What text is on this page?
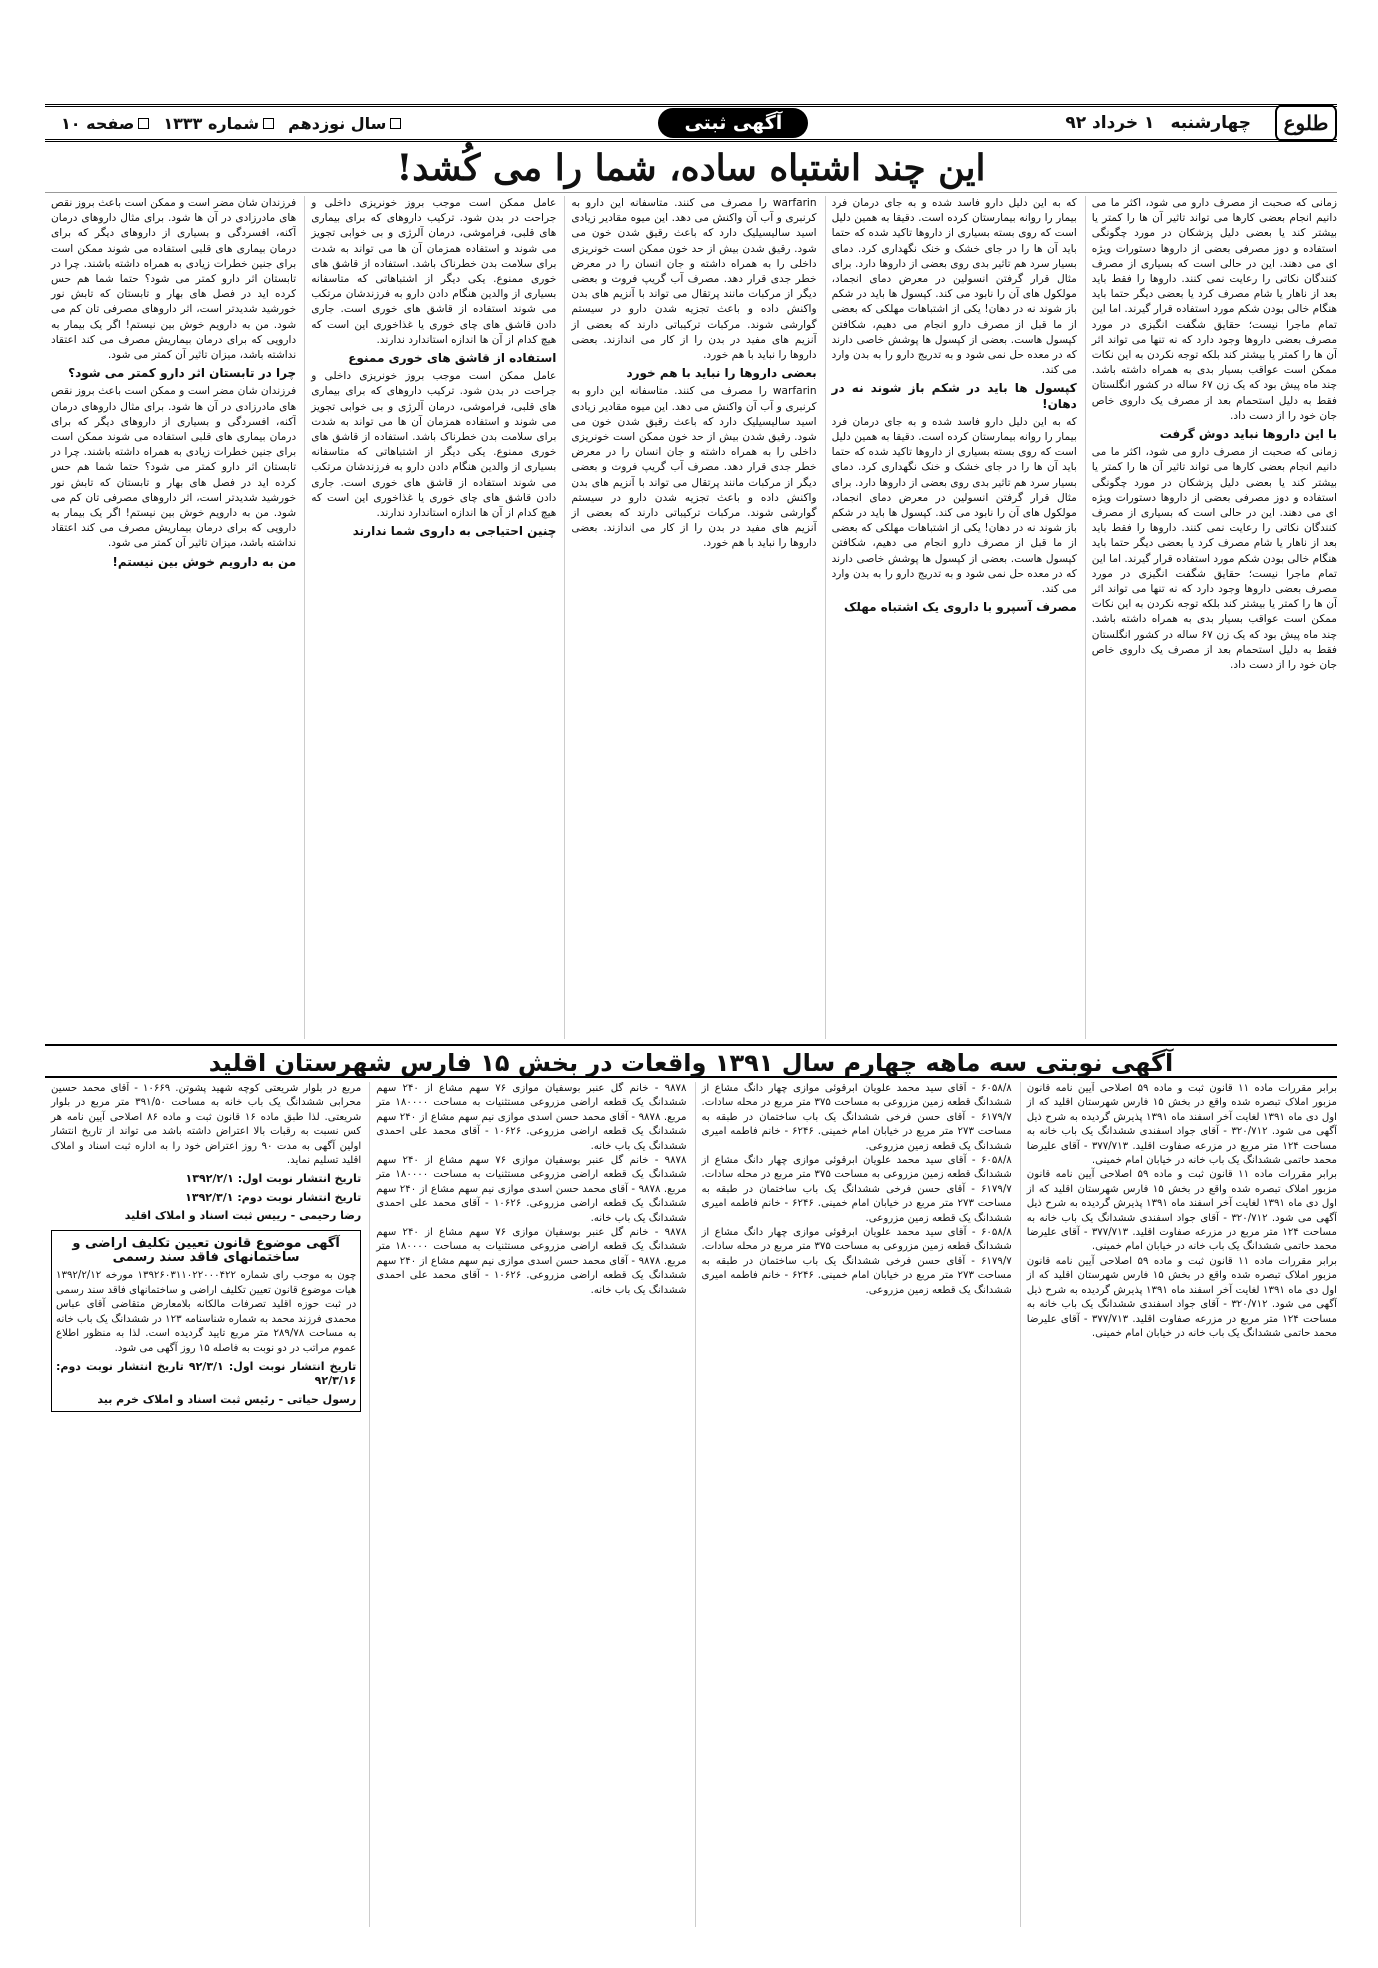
طلوع
چهارشنبه
۱ خرداد ۹۲
آگهی ثبتی
سال نوزدهم
شماره ۱۳۳۳
صفحه ۱۰
این چند اشتباه ساده، شما را می کُشد!
زمانی که صحبت از مصرف دارو می شود، اکثر ما می دانیم انجام بعضی کارها می تواند تاثیر آن ها را کمتر یا بیشتر کند یا بعضی دلیل پزشکان در مورد چگونگی استفاده و دوز مصرفی بعضی از داروها دستورات ویژه ای می دهند. این در حالی است که بسیاری از مصرف کنندگان نکاتی را رعایت نمی کنند. داروها را فقط باید بعد از ناهار یا شام مصرف کرد یا بعضی دیگر حتما باید هنگام خالی بودن شکم مورد استفاده قرار گیرند. اما این تمام ماجرا نیست؛ حقایق شگفت انگیزی در مورد مصرف بعضی داروها وجود دارد که نه تنها می تواند اثر آن ها را کمتر یا بیشتر کند بلکه توجه نکردن به این نکات ممکن است عواقب بسیار بدی به همراه داشته باشد. چند ماه پیش بود که یک زن ۶۷ ساله در کشور انگلستان فقط به دلیل استحمام بعد از مصرف یک داروی خاص جان خود را از دست داد.
با این داروها نباید دوش گرفت
زمانی که صحبت از مصرف دارو می شود، اکثر ما می دانیم انجام بعضی کارها می تواند تاثیر آن ها را کمتر یا بیشتر کند یا بعضی دلیل پزشکان در مورد چگونگی استفاده و دوز مصرفی بعضی از داروها دستورات ویژه ای می دهند. این در حالی است که بسیاری از مصرف کنندگان نکاتی را رعایت نمی کنند. داروها را فقط باید بعد از ناهار یا شام مصرف کرد یا بعضی دیگر حتما باید هنگام خالی بودن شکم مورد استفاده قرار گیرند. اما این تمام ماجرا نیست؛ حقایق شگفت انگیزی در مورد مصرف بعضی داروها وجود دارد که نه تنها می تواند اثر آن ها را کمتر یا بیشتر کند بلکه توجه نکردن به این نکات ممکن است عواقب بسیار بدی به همراه داشته باشد. چند ماه پیش بود که یک زن ۶۷ ساله در کشور انگلستان فقط به دلیل استحمام بعد از مصرف یک داروی خاص جان خود را از دست داد.
که به این دلیل دارو فاسد شده و به جای درمان فرد بیمار را روانه بیمارستان کرده است. دقیقا به همین دلیل است که روی بسته بسیاری از داروها تاکید شده که حتما باید آن ها را در جای خشک و خنک نگهداری کرد. دمای بسیار سرد هم تاثیر بدی روی بعضی از داروها دارد. برای مثال قرار گرفتن انسولین در معرض دمای انجماد، مولکول های آن را نابود می کند. کپسول ها باید در شکم باز شوند نه در دهان! یکی از اشتباهات مهلکی که بعضی از ما قبل از مصرف دارو انجام می دهیم، شکافتن کپسول هاست. بعضی از کپسول ها پوشش خاصی دارند که در معده حل نمی شود و به تدریج دارو را به بدن وارد می کند.
کپسول ها باید در شکم باز شوند نه در دهان!
که به این دلیل دارو فاسد شده و به جای درمان فرد بیمار را روانه بیمارستان کرده است. دقیقا به همین دلیل است که روی بسته بسیاری از داروها تاکید شده که حتما باید آن ها را در جای خشک و خنک نگهداری کرد. دمای بسیار سرد هم تاثیر بدی روی بعضی از داروها دارد. برای مثال قرار گرفتن انسولین در معرض دمای انجماد، مولکول های آن را نابود می کند. کپسول ها باید در شکم باز شوند نه در دهان! یکی از اشتباهات مهلکی که بعضی از ما قبل از مصرف دارو انجام می دهیم، شکافتن کپسول هاست. بعضی از کپسول ها پوشش خاصی دارند که در معده حل نمی شود و به تدریج دارو را به بدن وارد می کند.
مصرف آسپرو با داروی یک اشتباه مهلک
warfarin را مصرف می کنند. متاسفانه این دارو به کرنبری و آب آن واکنش می دهد. این میوه مقادیر زیادی اسید سالیسیلیک دارد که باعث رقیق شدن خون می شود. رقیق شدن بیش از حد خون ممکن است خونریزی داخلی را به همراه داشته و جان انسان را در معرض خطر جدی قرار دهد. مصرف آب گریپ فروت و بعضی دیگر از مرکبات مانند پرتقال می تواند با آنزیم های بدن واکنش داده و باعث تجزیه شدن دارو در سیستم گوارشی شوند. مرکبات ترکیباتی دارند که بعضی از آنزیم های مفید در بدن را از کار می اندازند. بعضی داروها را نباید با هم خورد.
بعضی داروها را نباید با هم خورد
warfarin را مصرف می کنند. متاسفانه این دارو به کرنبری و آب آن واکنش می دهد. این میوه مقادیر زیادی اسید سالیسیلیک دارد که باعث رقیق شدن خون می شود. رقیق شدن بیش از حد خون ممکن است خونریزی داخلی را به همراه داشته و جان انسان را در معرض خطر جدی قرار دهد. مصرف آب گریپ فروت و بعضی دیگر از مرکبات مانند پرتقال می تواند با آنزیم های بدن واکنش داده و باعث تجزیه شدن دارو در سیستم گوارشی شوند. مرکبات ترکیباتی دارند که بعضی از آنزیم های مفید در بدن را از کار می اندازند. بعضی داروها را نباید با هم خورد.
عامل ممکن است موجب بروز خونریزی داخلی و جراحت در بدن شود. ترکیب داروهای که برای بیماری های قلبی، فراموشی، درمان آلرژی و بی خوابی تجویز می شوند و استفاده همزمان آن ها می تواند به شدت برای سلامت بدن خطرناک باشد. استفاده از قاشق های خوری ممنوع. یکی دیگر از اشتباهاتی که متاسفانه بسیاری از والدین هنگام دادن دارو به فرزندشان مرتکب می شوند استفاده از قاشق های خوری است. جاری دادن قاشق های چای خوری یا غذاخوری این است که هیچ کدام از آن ها اندازه استاندارد ندارند.
استفاده از قاشق های خوری ممنوع
عامل ممکن است موجب بروز خونریزی داخلی و جراحت در بدن شود. ترکیب داروهای که برای بیماری های قلبی، فراموشی، درمان آلرژی و بی خوابی تجویز می شوند و استفاده همزمان آن ها می تواند به شدت برای سلامت بدن خطرناک باشد. استفاده از قاشق های خوری ممنوع. یکی دیگر از اشتباهاتی که متاسفانه بسیاری از والدین هنگام دادن دارو به فرزندشان مرتکب می شوند استفاده از قاشق های خوری است. جاری دادن قاشق های چای خوری یا غذاخوری این است که هیچ کدام از آن ها اندازه استاندارد ندارند.
چنین احتیاجی به داروی شما ندارند
فرزندان شان مضر است و ممکن است باعث بروز نقص های مادرزادی در آن ها شود. برای مثال داروهای درمان آکنه، افسردگی و بسیاری از داروهای دیگر که برای درمان بیماری های قلبی استفاده می شوند ممکن است برای جنین خطرات زیادی به همراه داشته باشند. چرا در تابستان اثر دارو کمتر می شود؟ حتما شما هم حس کرده اید در فصل های بهار و تابستان که تابش نور خورشید شدیدتر است، اثر داروهای مصرفی تان کم می شود. من به دارویم خوش بین نیستم! اگر یک بیمار به دارویی که برای درمان بیماریش مصرف می کند اعتقاد نداشته باشد، میزان تاثیر آن کمتر می شود.
چرا در تابستان اثر دارو کمتر می شود؟
فرزندان شان مضر است و ممکن است باعث بروز نقص های مادرزادی در آن ها شود. برای مثال داروهای درمان آکنه، افسردگی و بسیاری از داروهای دیگر که برای درمان بیماری های قلبی استفاده می شوند ممکن است برای جنین خطرات زیادی به همراه داشته باشند. چرا در تابستان اثر دارو کمتر می شود؟ حتما شما هم حس کرده اید در فصل های بهار و تابستان که تابش نور خورشید شدیدتر است، اثر داروهای مصرفی تان کم می شود. من به دارویم خوش بین نیستم! اگر یک بیمار به دارویی که برای درمان بیماریش مصرف می کند اعتقاد نداشته باشد، میزان تاثیر آن کمتر می شود.
من به دارویم خوش بین نیستم!
آگهی نوبتی سه ماهه چهارم سال ۱۳۹۱ واقعات در بخش ۱۵ فارس شهرستان اقلید
برابر مقررات ماده ۱۱ قانون ثبت و ماده ۵۹ اصلاحی آیین نامه قانون مزبور املاک تبصره شده واقع در بخش ۱۵ فارس شهرستان اقلید که از اول دی ماه ۱۳۹۱ لغایت آخر اسفند ماه ۱۳۹۱ پذیرش گردیده به شرح ذیل آگهی می شود. ۳۲۰/۷۱۲ - آقای جواد اسفندی ششدانگ یک باب خانه به مساحت ۱۲۴ متر مربع در مزرعه صفاوت اقلید. ۳۷۷/۷۱۳ - آقای علیرضا محمد حاتمی ششدانگ یک باب خانه در خیابان امام خمینی.
برابر مقررات ماده ۱۱ قانون ثبت و ماده ۵۹ اصلاحی آیین نامه قانون مزبور املاک تبصره شده واقع در بخش ۱۵ فارس شهرستان اقلید که از اول دی ماه ۱۳۹۱ لغایت آخر اسفند ماه ۱۳۹۱ پذیرش گردیده به شرح ذیل آگهی می شود. ۳۲۰/۷۱۲ - آقای جواد اسفندی ششدانگ یک باب خانه به مساحت ۱۲۴ متر مربع در مزرعه صفاوت اقلید. ۳۷۷/۷۱۳ - آقای علیرضا محمد حاتمی ششدانگ یک باب خانه در خیابان امام خمینی.
برابر مقررات ماده ۱۱ قانون ثبت و ماده ۵۹ اصلاحی آیین نامه قانون مزبور املاک تبصره شده واقع در بخش ۱۵ فارس شهرستان اقلید که از اول دی ماه ۱۳۹۱ لغایت آخر اسفند ماه ۱۳۹۱ پذیرش گردیده به شرح ذیل آگهی می شود. ۳۲۰/۷۱۲ - آقای جواد اسفندی ششدانگ یک باب خانه به مساحت ۱۲۴ متر مربع در مزرعه صفاوت اقلید. ۳۷۷/۷۱۳ - آقای علیرضا محمد حاتمی ششدانگ یک باب خانه در خیابان امام خمینی.
۶۰۵۸/۸ - آقای سید محمد علویان ابرقوئی موازی چهار دانگ مشاع از ششدانگ قطعه زمین مزروعی به مساحت ۳۷۵ متر مربع در محله سادات. ۶۱۷۹/۷ - آقای حسن فرخی ششدانگ یک باب ساختمان در طبقه به مساحت ۲۷۳ متر مربع در خیابان امام خمینی. ۶۲۴۶ - خانم فاطمه امیری ششدانگ یک قطعه زمین مزروعی.
۶۰۵۸/۸ - آقای سید محمد علویان ابرقوئی موازی چهار دانگ مشاع از ششدانگ قطعه زمین مزروعی به مساحت ۳۷۵ متر مربع در محله سادات. ۶۱۷۹/۷ - آقای حسن فرخی ششدانگ یک باب ساختمان در طبقه به مساحت ۲۷۳ متر مربع در خیابان امام خمینی. ۶۲۴۶ - خانم فاطمه امیری ششدانگ یک قطعه زمین مزروعی.
۶۰۵۸/۸ - آقای سید محمد علویان ابرقوئی موازی چهار دانگ مشاع از ششدانگ قطعه زمین مزروعی به مساحت ۳۷۵ متر مربع در محله سادات. ۶۱۷۹/۷ - آقای حسن فرخی ششدانگ یک باب ساختمان در طبقه به مساحت ۲۷۳ متر مربع در خیابان امام خمینی. ۶۲۴۶ - خانم فاطمه امیری ششدانگ یک قطعه زمین مزروعی.
۹۸۷۸ - خانم گل عنبر بوسفیان موازی ۷۶ سهم مشاع از ۲۴۰ سهم ششدانگ یک قطعه اراضی مزروعی مستثنیات به مساحت ۱۸۰۰۰۰ متر مربع. ۹۸۷۸ - آقای محمد حسن اسدی موازی نیم سهم مشاع از ۲۴۰ سهم ششدانگ یک قطعه اراضی مزروعی. ۱۰۶۲۶ - آقای محمد علی احمدی ششدانگ یک باب خانه.
۹۸۷۸ - خانم گل عنبر بوسفیان موازی ۷۶ سهم مشاع از ۲۴۰ سهم ششدانگ یک قطعه اراضی مزروعی مستثنیات به مساحت ۱۸۰۰۰۰ متر مربع. ۹۸۷۸ - آقای محمد حسن اسدی موازی نیم سهم مشاع از ۲۴۰ سهم ششدانگ یک قطعه اراضی مزروعی. ۱۰۶۲۶ - آقای محمد علی احمدی ششدانگ یک باب خانه.
۹۸۷۸ - خانم گل عنبر بوسفیان موازی ۷۶ سهم مشاع از ۲۴۰ سهم ششدانگ یک قطعه اراضی مزروعی مستثنیات به مساحت ۱۸۰۰۰۰ متر مربع. ۹۸۷۸ - آقای محمد حسن اسدی موازی نیم سهم مشاع از ۲۴۰ سهم ششدانگ یک قطعه اراضی مزروعی. ۱۰۶۲۶ - آقای محمد علی احمدی ششدانگ یک باب خانه.
مربع در بلوار شریعتی کوچه شهید پشوتن. ۱۰۶۶۹ - آقای محمد حسین محرابی ششدانگ یک باب خانه به مساحت ۳۹۱/۵۰ متر مربع در بلوار شریعتی. لذا طبق ماده ۱۶ قانون ثبت و ماده ۸۶ اصلاحی آیین نامه هر کس نسبت به رقبات بالا اعتراض داشته باشد می تواند از تاریخ انتشار اولین آگهی به مدت ۹۰ روز اعتراض خود را به اداره ثبت اسناد و املاک اقلید تسلیم نماید.
تاریخ انتشار نوبت اول: ۱۳۹۲/۲/۱
تاریخ انتشار نوبت دوم: ۱۳۹۲/۳/۱
رضا رحیمی - رییس ثبت اسناد و املاک اقلید
آگهی موضوع قانون تعیین تکلیف اراضی و ساختمانهای فاقد سند رسمی
چون به موجب رای شماره ۱۳۹۲۶۰۳۱۱۰۲۲۰۰۰۴۲۲ مورخه ۱۳۹۲/۲/۱۲ هیات موضوع قانون تعیین تکلیف اراضی و ساختمانهای فاقد سند رسمی در ثبت حوزه اقلید تصرفات مالکانه بلامعارض متقاضی آقای عباس محمدی فرزند محمد به شماره شناسنامه ۱۲۳ در ششدانگ یک باب خانه به مساحت ۲۸۹/۷۸ متر مربع تایید گردیده است. لذا به منظور اطلاع عموم مراتب در دو نوبت به فاصله ۱۵ روز آگهی می شود.
تاریخ انتشار نوبت اول: ۹۲/۳/۱ تاریخ انتشار نوبت دوم: ۹۲/۳/۱۶
رسول حیاتی - رئیس ثبت اسناد و املاک خرم بید
